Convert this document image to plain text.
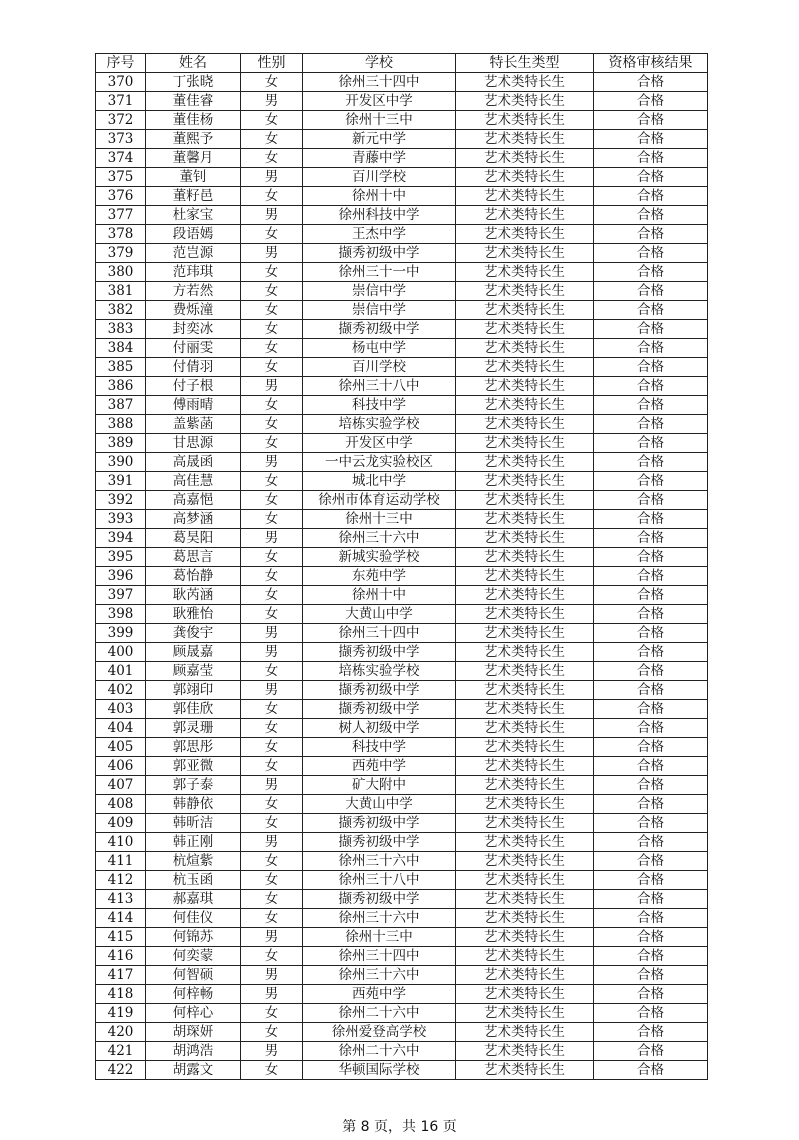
序号	姓名	性别	学校	特长生类型	资格审核结果
370	丁张晓	女	徐州三十四中	艺术类特长生	合格
371	董佳睿	男	开发区中学	艺术类特长生	合格
372	董佳杨	女	徐州十三中	艺术类特长生	合格
373	董熙予	女	新元中学	艺术类特长生	合格
374	董馨月	女	青藤中学	艺术类特长生	合格
375	董钊	男	百川学校	艺术类特长生	合格
376	董籽邑	女	徐州十中	艺术类特长生	合格
377	杜家宝	男	徐州科技中学	艺术类特长生	合格
378	段语嫣	女	王杰中学	艺术类特长生	合格
379	范岂源	男	撷秀初级中学	艺术类特长生	合格
380	范玮琪	女	徐州三十一中	艺术类特长生	合格
381	方若然	女	崇信中学	艺术类特长生	合格
382	费烁潼	女	崇信中学	艺术类特长生	合格
383	封奕冰	女	撷秀初级中学	艺术类特长生	合格
384	付丽雯	女	杨屯中学	艺术类特长生	合格
385	付倩羽	女	百川学校	艺术类特长生	合格
386	付子根	男	徐州三十八中	艺术类特长生	合格
387	傅雨晴	女	科技中学	艺术类特长生	合格
388	盖紫菡	女	培栋实验学校	艺术类特长生	合格
389	甘思源	女	开发区中学	艺术类特长生	合格
390	高晟函	男	一中云龙实验校区	艺术类特长生	合格
391	高佳慧	女	城北中学	艺术类特长生	合格
392	高嘉悒	女	徐州市体育运动学校	艺术类特长生	合格
393	高梦涵	女	徐州十三中	艺术类特长生	合格
394	葛昊阳	男	徐州三十六中	艺术类特长生	合格
395	葛思言	女	新城实验学校	艺术类特长生	合格
396	葛怡静	女	东苑中学	艺术类特长生	合格
397	耿芮涵	女	徐州十中	艺术类特长生	合格
398	耿雅怡	女	大黄山中学	艺术类特长生	合格
399	龚俊宇	男	徐州三十四中	艺术类特长生	合格
400	顾晟嘉	男	撷秀初级中学	艺术类特长生	合格
401	顾嘉莹	女	培栋实验学校	艺术类特长生	合格
402	郭翊印	男	撷秀初级中学	艺术类特长生	合格
403	郭佳欣	女	撷秀初级中学	艺术类特长生	合格
404	郭灵珊	女	树人初级中学	艺术类特长生	合格
405	郭思彤	女	科技中学	艺术类特长生	合格
406	郭亚微	女	西苑中学	艺术类特长生	合格
407	郭子泰	男	矿大附中	艺术类特长生	合格
408	韩静依	女	大黄山中学	艺术类特长生	合格
409	韩昕洁	女	撷秀初级中学	艺术类特长生	合格
410	韩正刚	男	撷秀初级中学	艺术类特长生	合格
411	杭煊紫	女	徐州三十六中	艺术类特长生	合格
412	杭玉函	女	徐州三十八中	艺术类特长生	合格
413	郝嘉琪	女	撷秀初级中学	艺术类特长生	合格
414	何佳仪	女	徐州三十六中	艺术类特长生	合格
415	何锦苏	男	徐州十三中	艺术类特长生	合格
416	何奕蒙	女	徐州三十四中	艺术类特长生	合格
417	何智硕	男	徐州三十六中	艺术类特长生	合格
418	何梓畅	男	西苑中学	艺术类特长生	合格
419	何梓心	女	徐州二十六中	艺术类特长生	合格
420	胡琛妍	女	徐州爱登高学校	艺术类特长生	合格
421	胡鸿浩	男	徐州二十六中	艺术类特长生	合格
422	胡露文	女	华顿国际学校	艺术类特长生	合格
第 8 页，共 16 页
